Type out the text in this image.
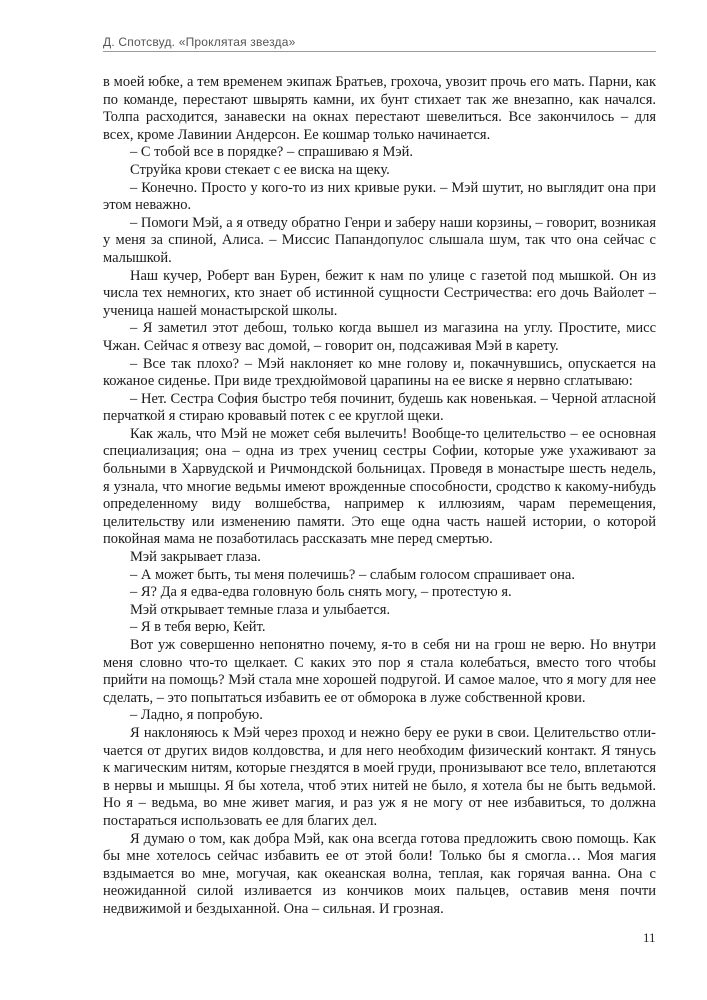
Д. Спотсвуд. «Проклятая звезда»

в моей юбке, а тем временем экипаж Братьев, грохоча, увозит прочь его мать. Парни, как по команде, перестают швырять камни, их бунт стихает так же внезапно, как начался. Толпа расходится, занавески на окнах перестают шевелиться. Все закончилось – для всех, кроме Лавинии Андерсон. Ее кошмар только начинается.

– С тобой все в порядке? – спрашиваю я Мэй.

Струйка крови стекает с ее виска на щеку.

– Конечно. Просто у кого-то из них кривые руки. – Мэй шутит, но выглядит она при этом неважно.

– Помоги Мэй, а я отведу обратно Генри и заберу наши корзины, – говорит, возникая у меня за спиной, Алиса. – Миссис Папандопулос слышала шум, так что она сейчас с малышкой.

Наш кучер, Роберт ван Бурен, бежит к нам по улице с газетой под мышкой. Он из числа тех немногих, кто знает об истинной сущности Сестричества: его дочь Вайолет – ученица нашей монастырской школы.

– Я заметил этот дебош, только когда вышел из магазина на углу. Простите, мисс Чжан. Сейчас я отвезу вас домой, – говорит он, подсаживая Мэй в карету.

– Все так плохо? – Мэй наклоняет ко мне голову и, покачнувшись, опускается на кожаное сиденье. При виде трехдюймовой царапины на ее виске я нервно сглатываю:

– Нет. Сестра София быстро тебя починит, будешь как новенькая. – Черной атласной перчаткой я стираю кровавый потек с ее круглой щеки.

Как жаль, что Мэй не может себя вылечить! Вообще-то целительство – ее основная специализация; она – одна из трех учениц сестры Софии, которые уже ухаживают за больными в Харвудской и Ричмондской больницах. Проведя в монастыре шесть недель, я узнала, что многие ведьмы имеют врожденные способности, сродство к какому-нибудь определенному виду волшебства, например к иллюзиям, чарам перемещения, целительству или изменению памяти. Это еще одна часть нашей истории, о которой покойная мама не позаботилась рассказать мне перед смертью.

Мэй закрывает глаза.

– А может быть, ты меня полечишь? – слабым голосом спрашивает она.

– Я? Да я едва-едва головную боль снять могу, – протестую я.

Мэй открывает темные глаза и улыбается.

– Я в тебя верю, Кейт.

Вот уж совершенно непонятно почему, я-то в себя ни на грош не верю. Но внутри меня словно что-то щелкает. С каких это пор я стала колебаться, вместо того чтобы прийти на помощь? Мэй стала мне хорошей подругой. И самое малое, что я могу для нее сделать, – это попытаться избавить ее от обморока в луже собственной крови.

– Ладно, я попробую.

Я наклоняюсь к Мэй через проход и нежно беру ее руки в свои. Целительство отличается от других видов колдовства, и для него необходим физический контакт. Я тянусь к магическим нитям, которые гнездятся в моей груди, пронизывают все тело, вплетаются в нервы и мышцы. Я бы хотела, чтоб этих нитей не было, я хотела бы не быть ведьмой. Но я – ведьма, во мне живет магия, и раз уж я не могу от нее избавиться, то должна постараться использовать ее для благих дел.

Я думаю о том, как добра Мэй, как она всегда готова предложить свою помощь. Как бы мне хотелось сейчас избавить ее от этой боли! Только бы я смогла… Моя магия вздымается во мне, могучая, как океанская волна, теплая, как горячая ванна. Она с неожиданной силой изливается из кончиков моих пальцев, оставив меня почти недвижимой и бездыханной. Она – сильная. И грозная.

11
